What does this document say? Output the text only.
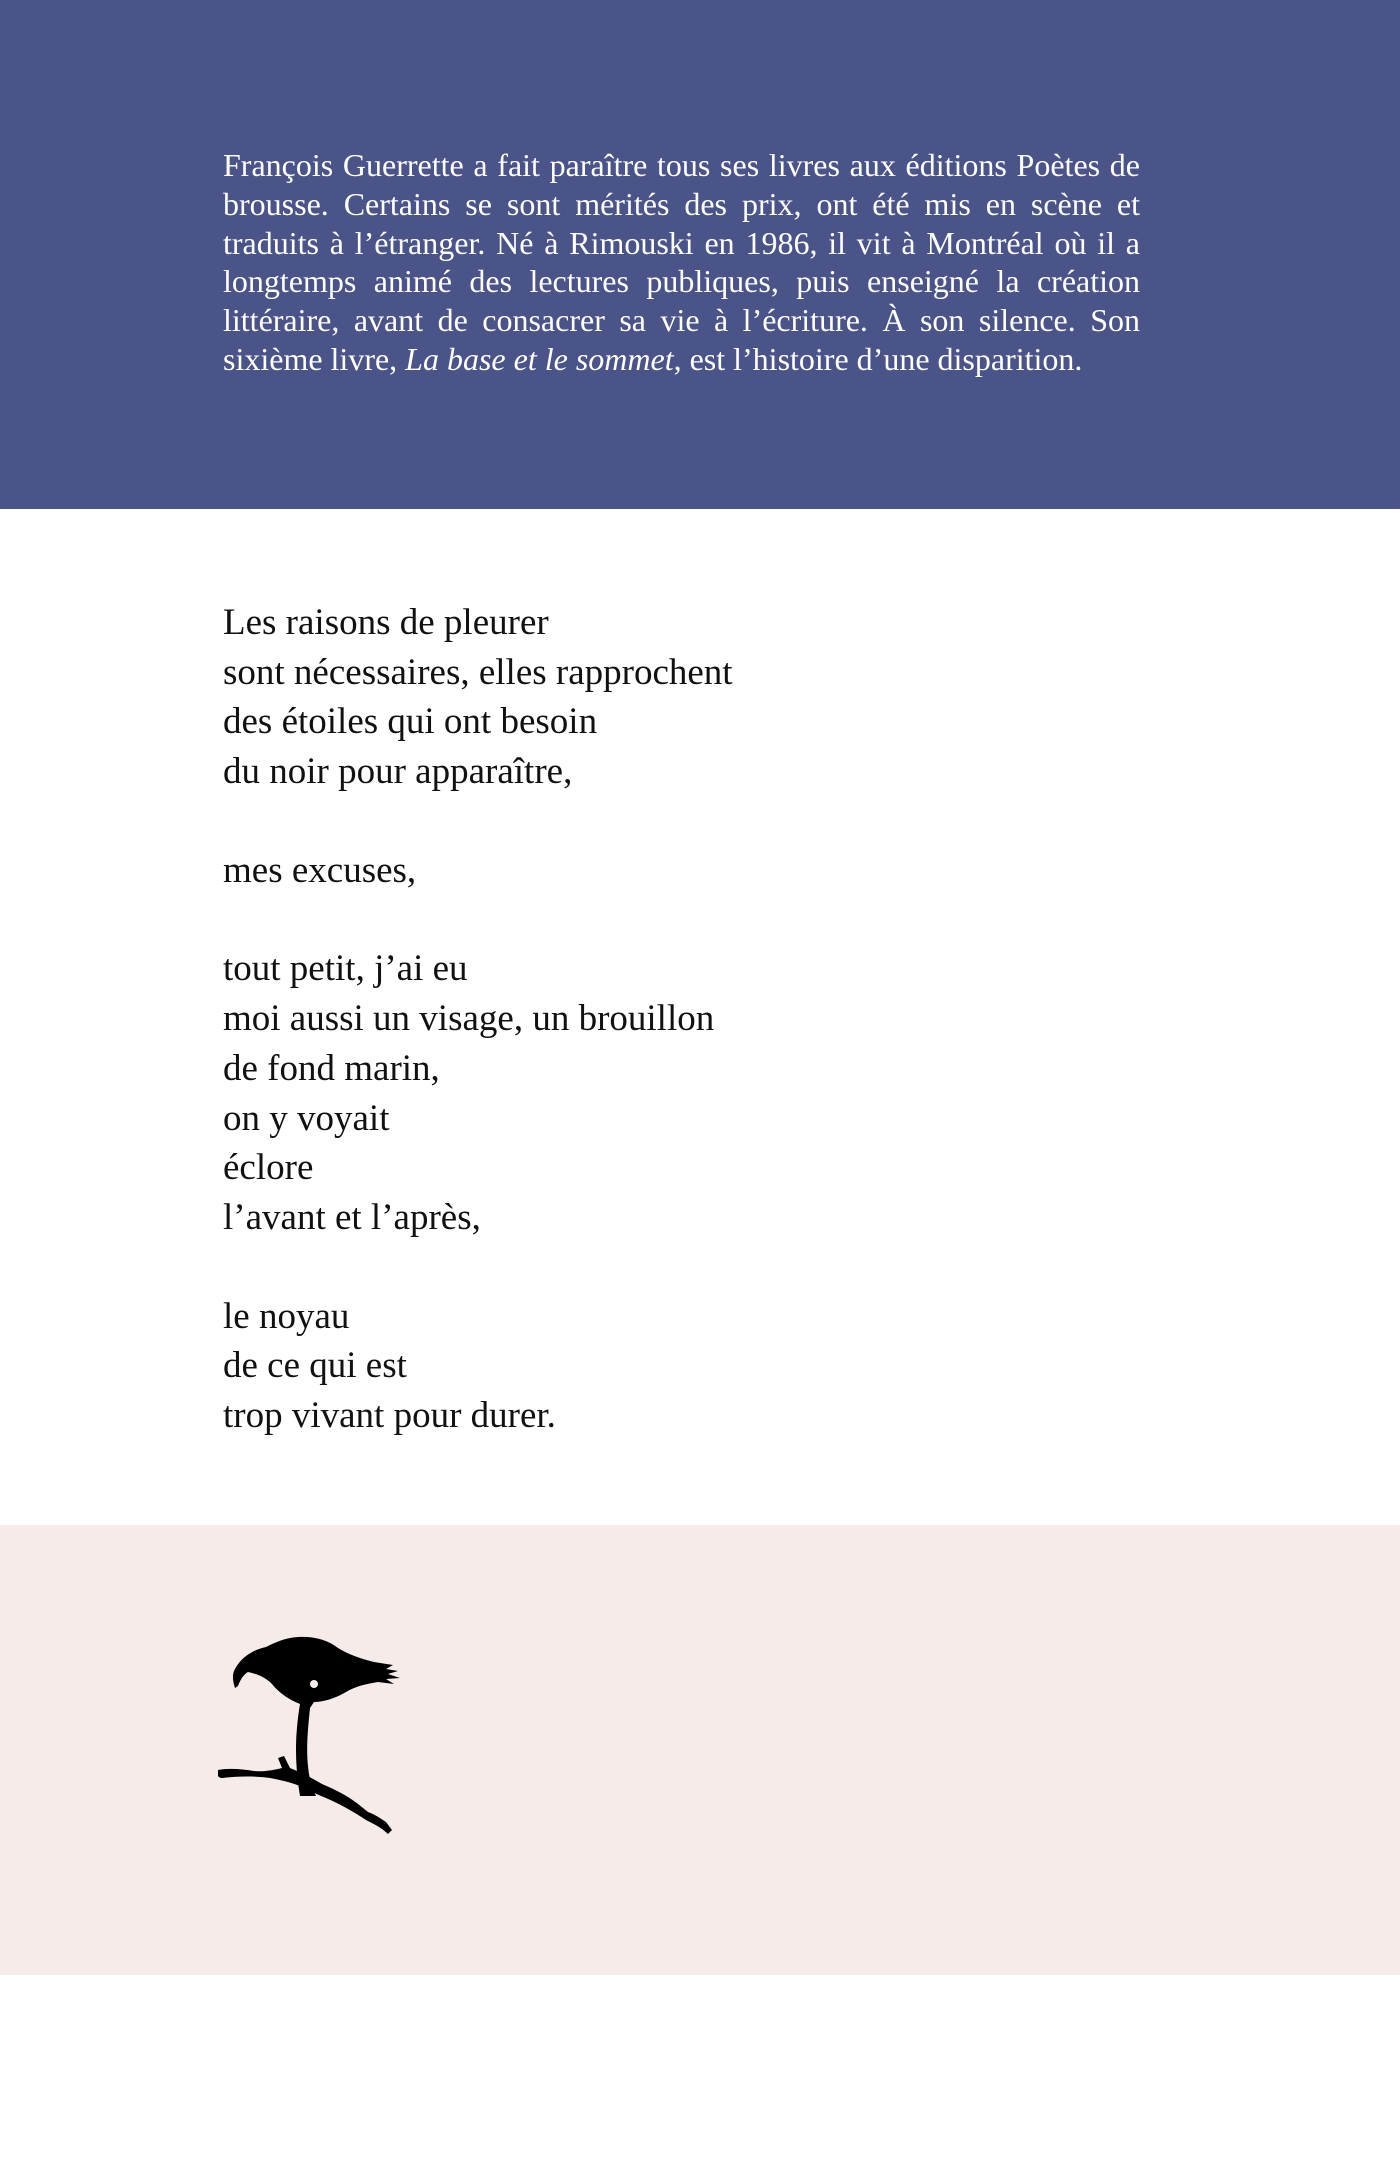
François Guerrette a fait paraître tous ses livres aux éditions Poètes de brousse. Certains se sont mérités des prix, ont été mis en scène et traduits à l’étranger. Né à Rimouski en 1986, il vit à Montréal où il a longtemps animé des lectures publiques, puis enseigné la création littéraire, avant de consacrer sa vie à l’écriture. À son silence. Son sixième livre, La base et le sommet, est l’histoire d’une disparition.

Les raisons de pleurer
sont nécessaires, elles rapprochent
des étoiles qui ont besoin
du noir pour apparaître,

mes excuses,

tout petit, j’ai eu
moi aussi un visage, un brouillon
de fond marin,
on y voyait
éclore
l’avant et l’après,

le noyau
de ce qui est
trop vivant pour durer.
